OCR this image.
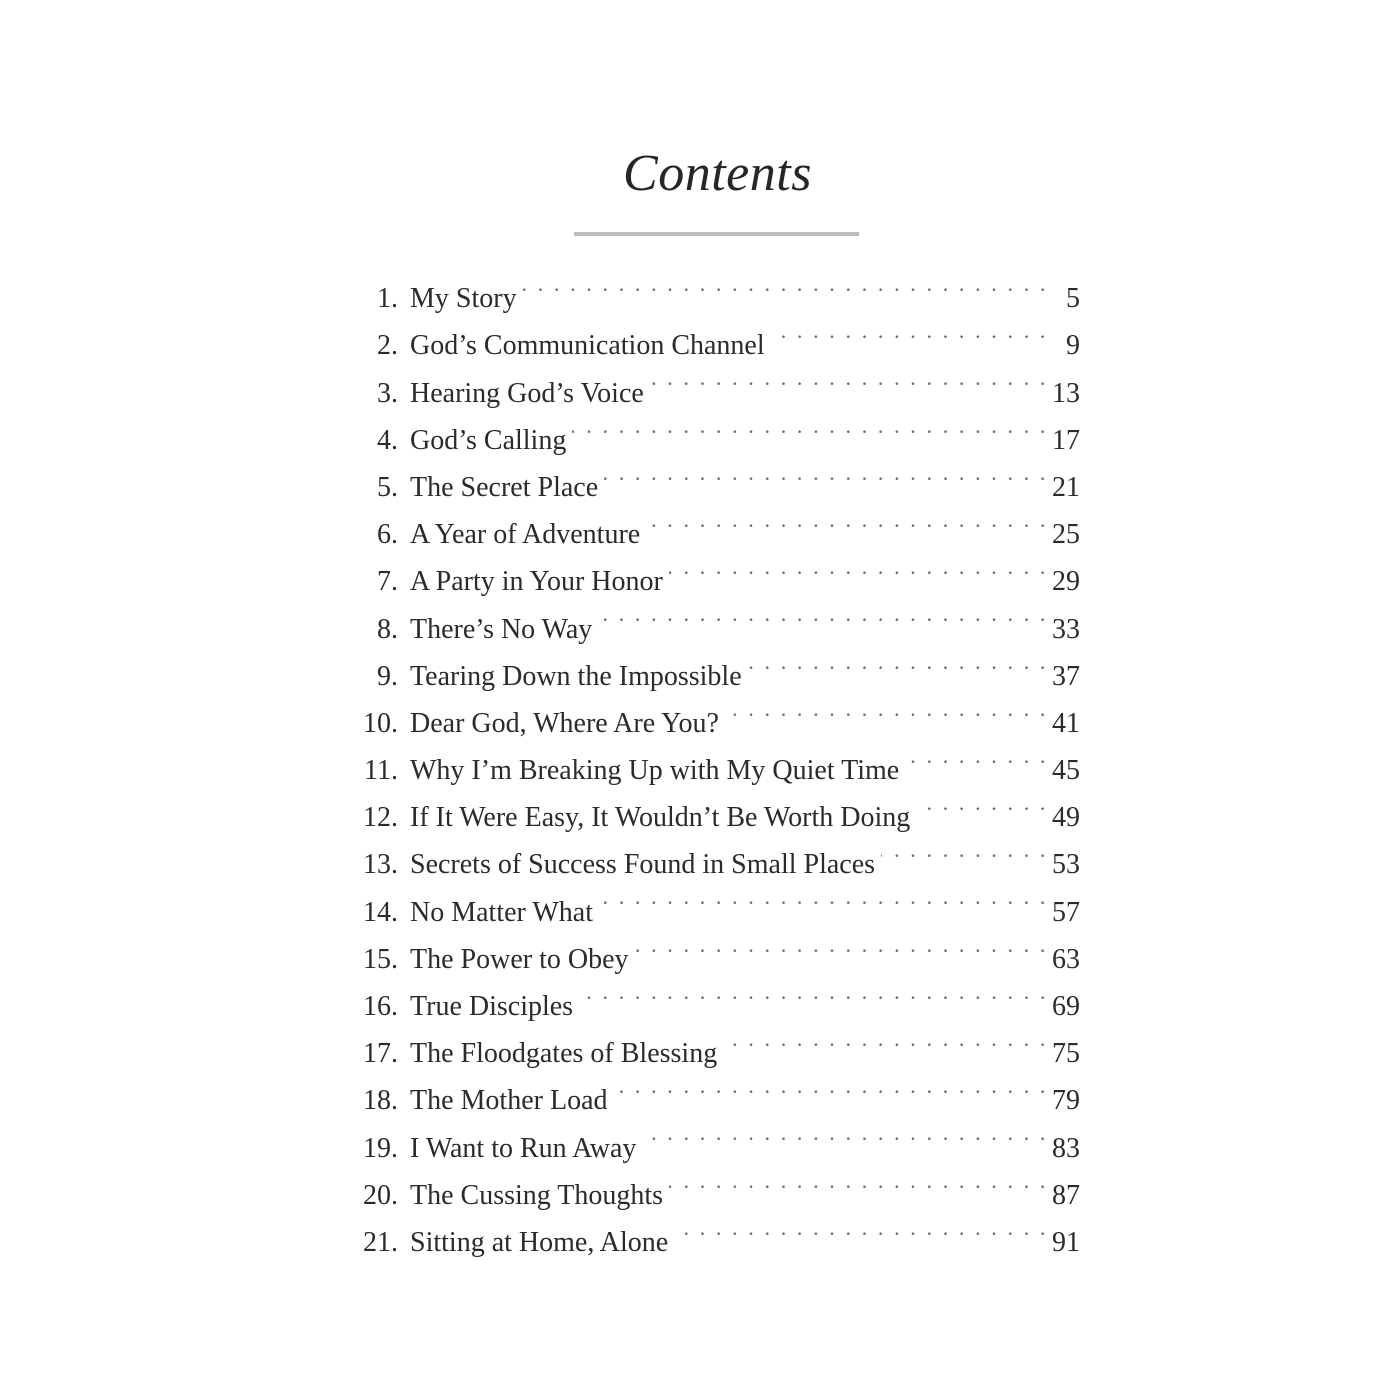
Contents
1. My Story . . .	5
2. God’s Communication Channel . . .	9
3. Hearing God’s Voice . . .	13
4. God’s Calling . . .	17
5. The Secret Place . . .	21
6. A Year of Adventure . . .	25
7. A Party in Your Honor . . .	29
8. There’s No Way . . .	33
9. Tearing Down the Impossible . . .	37
10. Dear God, Where Are You? . . .	41
11. Why I’m Breaking Up with My Quiet Time . . .	45
12. If It Were Easy, It Wouldn’t Be Worth Doing . . .	49
13. Secrets of Success Found in Small Places . . .	53
14. No Matter What . . .	57
15. The Power to Obey . . .	63
16. True Disciples . . .	69
17. The Floodgates of Blessing . . .	75
18. The Mother Load . . .	79
19. I Want to Run Away . . .	83
20. The Cussing Thoughts . . .	87
21. Sitting at Home, Alone . . .	91
